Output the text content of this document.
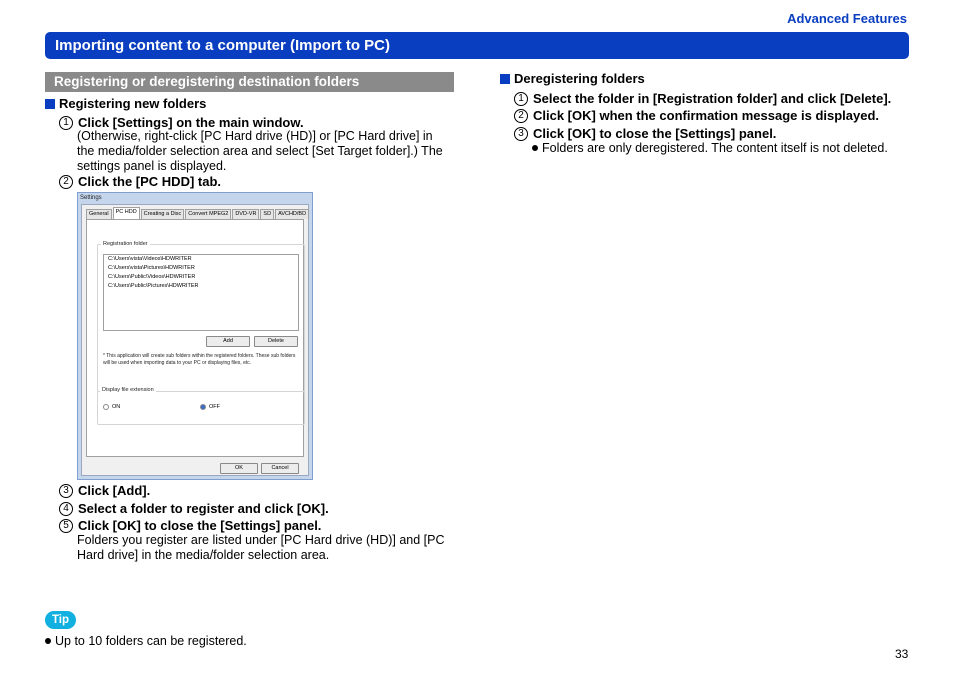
Advanced Features
Importing content to a computer (Import to PC)
Registering or deregistering destination folders
Registering new folders
1 Click [Settings] on the main window.
(Otherwise, right-click [PC Hard drive (HD)] or [PC Hard drive] in the media/folder selection area and select [Set Target folder].) The settings panel is displayed.
2 Click the [PC HDD] tab.
Settings
General	PC HDD	Creating a Disc	Convert MPEG2	DVD-VR	SD	AVCHD/BD
Registration folder
C:\Users\vista\Videos\HDWRITER
C:\Users\vista\Pictures\HDWRITER
C:\Users\Public\Videos\HDWRITER
C:\Users\Public\Pictures\HDWRITER
Add	Delete
* This application will create sub folders within the registered folders. These sub folders will be used when importing data to your PC or displaying files, etc.
Display file extension
ON	OFF
OK	Cancel
3 Click [Add].
4 Select a folder to register and click [OK].
5 Click [OK] to close the [Settings] panel.
Folders you register are listed under [PC Hard drive (HD)] and [PC Hard drive] in the media/folder selection area.
Deregistering folders
1 Select the folder in [Registration folder] and click [Delete].
2 Click [OK] when the confirmation message is displayed.
3 Click [OK] to close the [Settings] panel.
Folders are only deregistered. The content itself is not deleted.
Tip
Up to 10 folders can be registered.
33
